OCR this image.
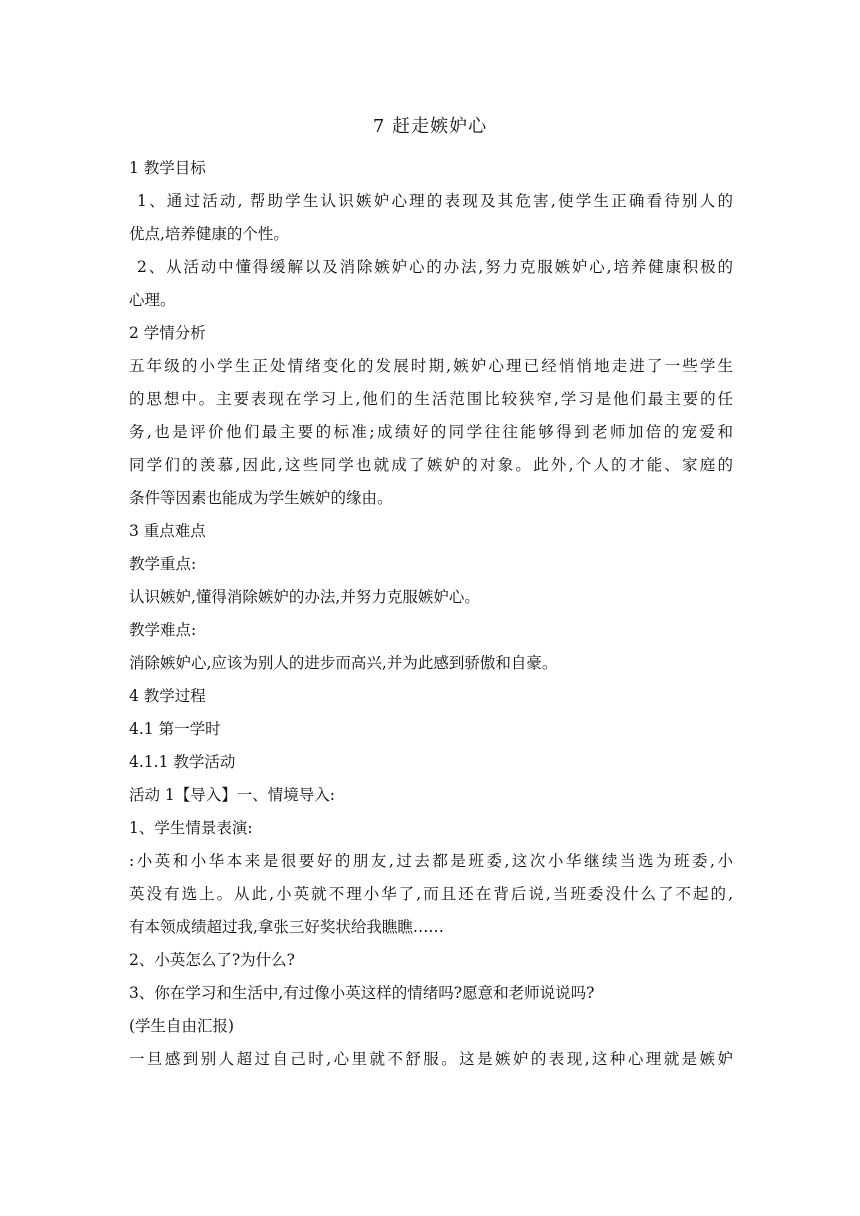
7 赶走嫉妒心
1 教学目标
1、通过活动, 帮助学生认识嫉妒心理的表现及其危害,使学生正确看待别人的
优点,培养健康的个性。
2、从活动中懂得缓解以及消除嫉妒心的办法,努力克服嫉妒心,培养健康积极的
心理。
2 学情分析
五年级的小学生正处情绪变化的发展时期,嫉妒心理已经悄悄地走进了一些学生
的思想中。主要表现在学习上,他们的生活范围比较狭窄,学习是他们最主要的任
务,也是评价他们最主要的标准;成绩好的同学往往能够得到老师加倍的宠爱和
同学们的羡慕,因此,这些同学也就成了嫉妒的对象。此外,个人的才能、家庭的
条件等因素也能成为学生嫉妒的缘由。
3 重点难点
教学重点:
认识嫉妒,懂得消除嫉妒的办法,并努力克服嫉妒心。
教学难点:
消除嫉妒心,应该为别人的进步而高兴,并为此感到骄傲和自豪。
4 教学过程
4.1 第一学时
4.1.1 教学活动
活动 1【导入】一、情境导入:
1、学生情景表演:
:小英和小华本来是很要好的朋友,过去都是班委,这次小华继续当选为班委,小
英没有选上。从此,小英就不理小华了,而且还在背后说,当班委没什么了不起的,
有本领成绩超过我,拿张三好奖状给我瞧瞧……
2、小英怎么了?为什么?
3、你在学习和生活中,有过像小英这样的情绪吗?愿意和老师说说吗?
(学生自由汇报)
一旦感到别人超过自己时,心里就不舒服。这是嫉妒的表现,这种心理就是嫉妒
